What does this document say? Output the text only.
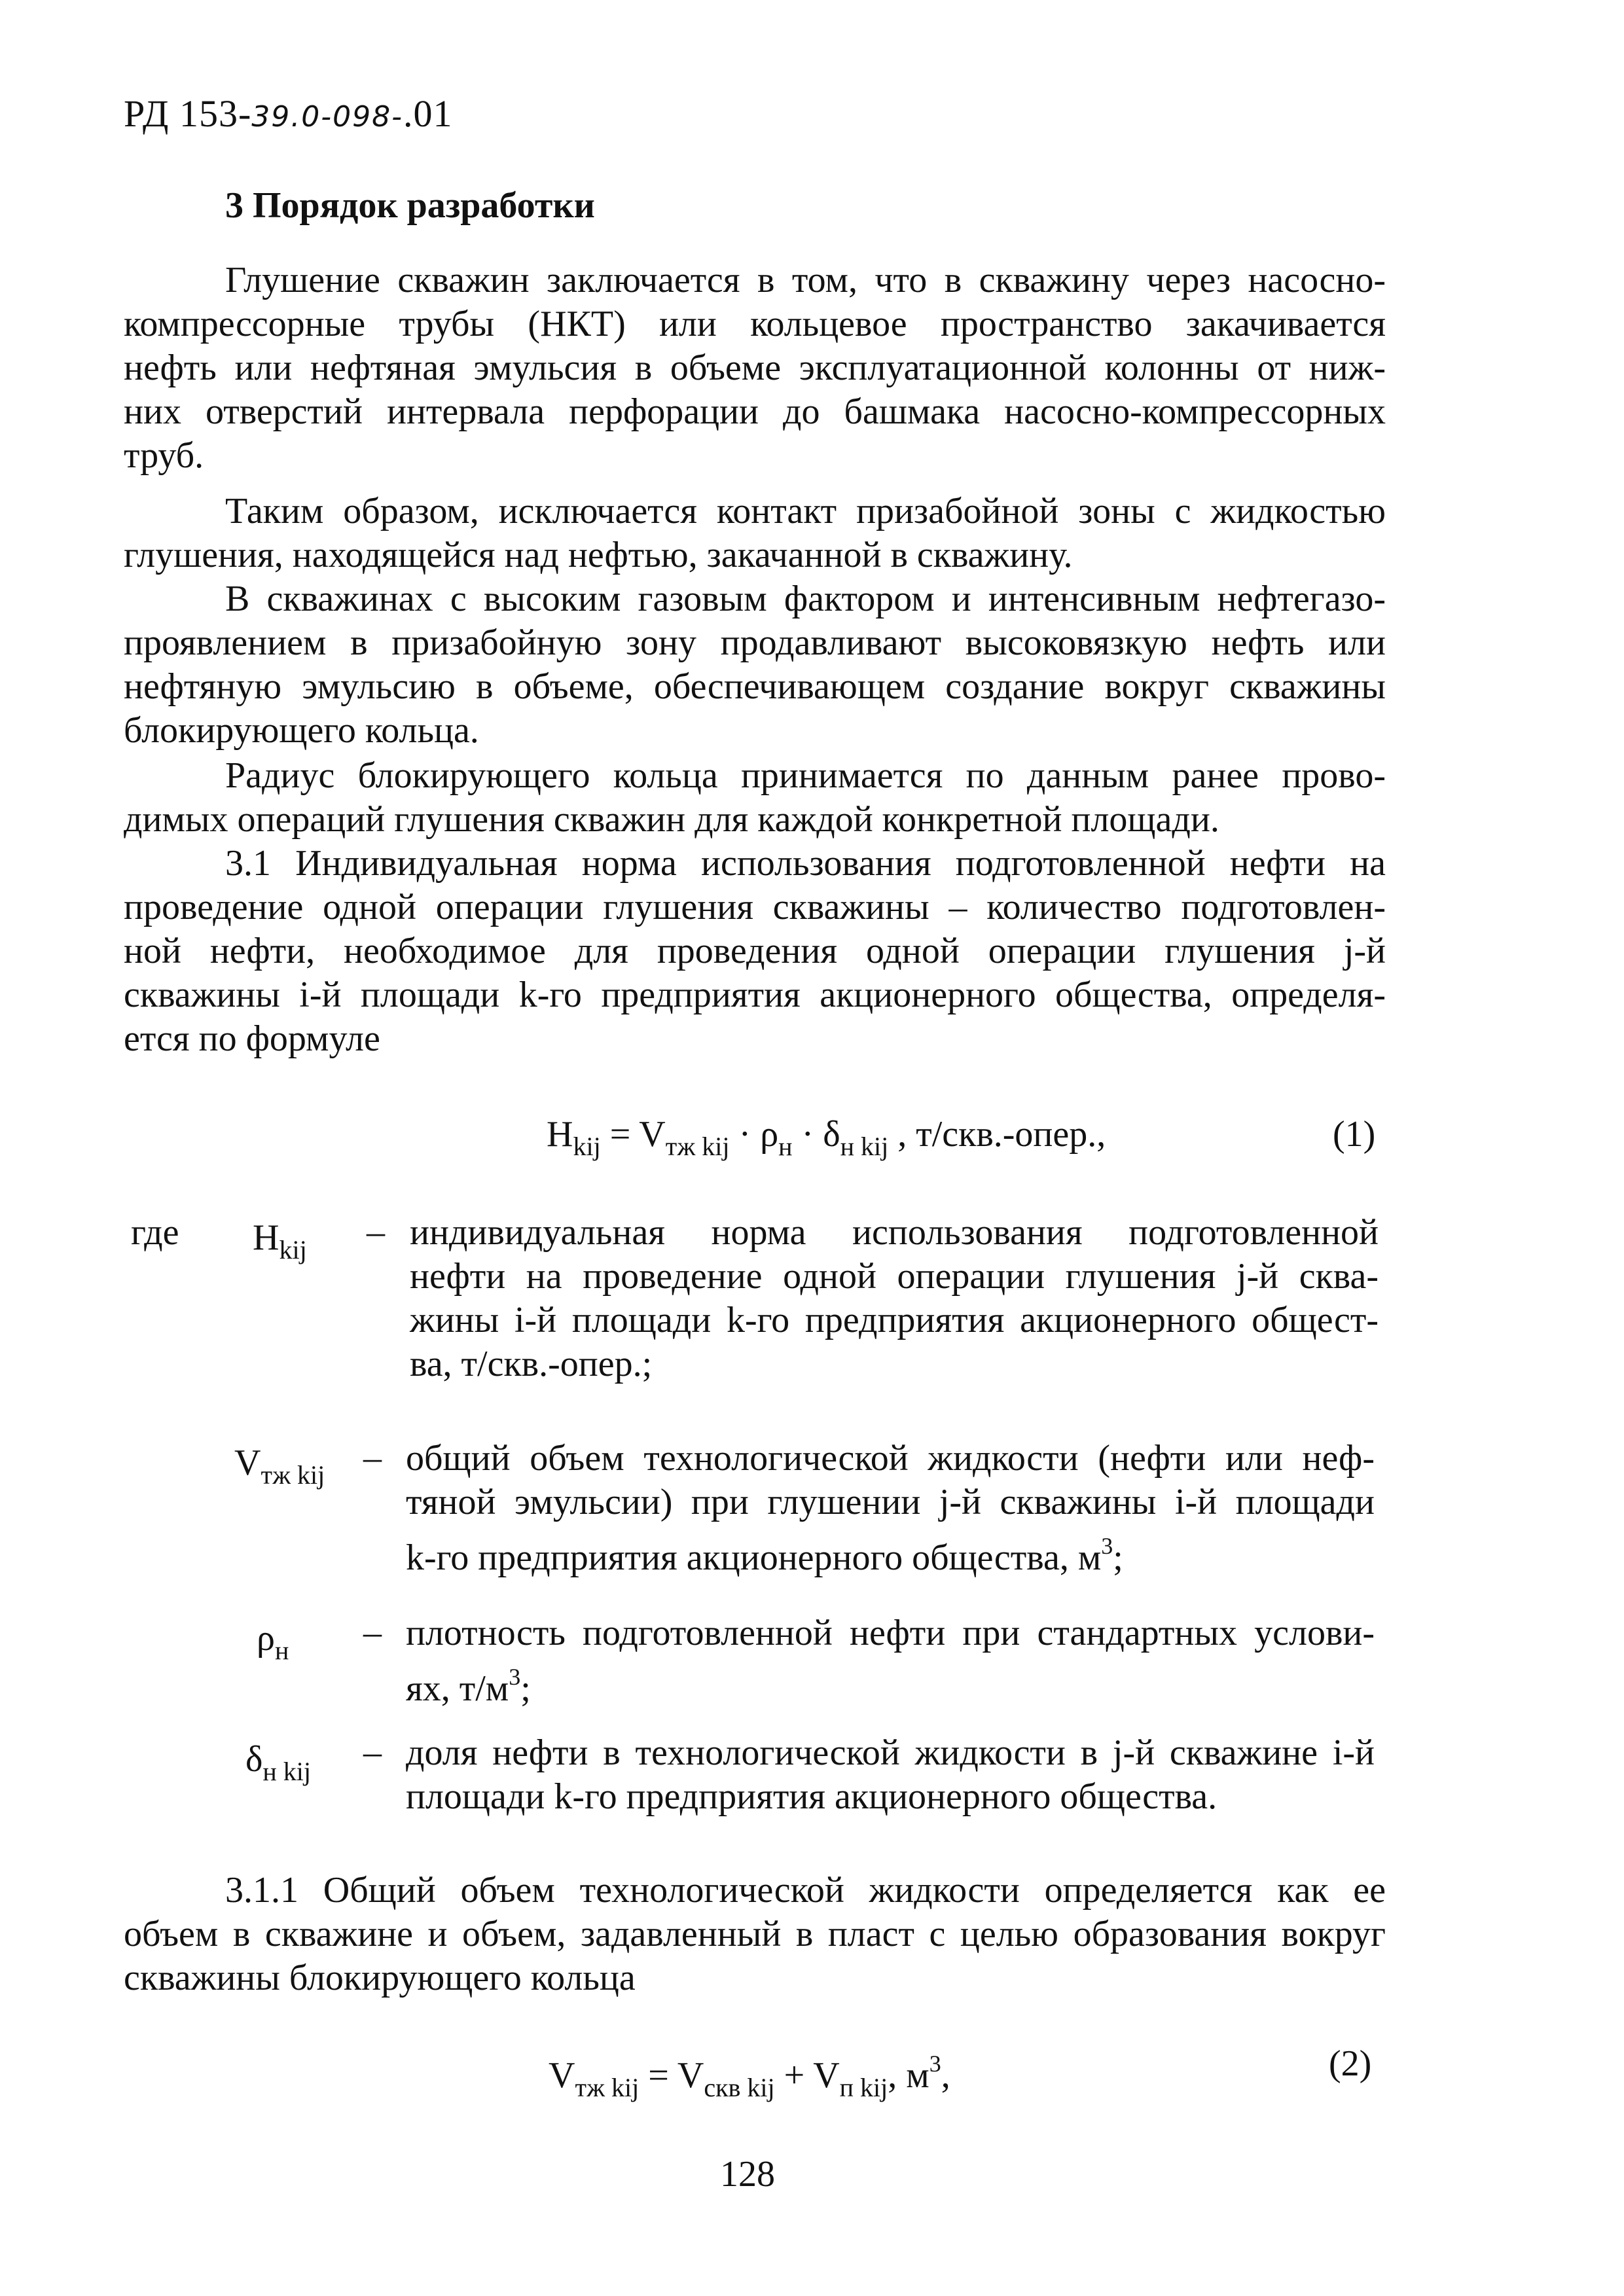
РД 153-39.0-098-.01
3 Порядок разработки
Глушение скважин заключается в том, что в скважину через насосно-
компрессорные трубы (НКТ) или кольцевое пространство закачивается
нефть или нефтяная эмульсия в объеме эксплуатационной колонны от ниж-
них отверстий интервала перфорации до башмака насосно-компрессорных
труб.
Таким образом, исключается контакт призабойной зоны с жидкостью
глушения, находящейся над нефтью, закачанной в скважину.
В скважинах с высоким газовым фактором и интенсивным нефтегазо-
проявлением в призабойную зону продавливают высоковязкую нефть или
нефтяную эмульсию в объеме, обеспечивающем создание вокруг скважины
блокирующего кольца.
Радиус блокирующего кольца принимается по данным ранее прово-
димых операций глушения скважин для каждой конкретной площади.
3.1 Индивидуальная норма использования подготовленной нефти на
проведение одной операции глушения скважины – количество подготовлен-
ной нефти, необходимое для проведения одной операции глушения j-й
скважины i-й площади k-го предприятия акционерного общества, определя-
ется по формуле
$Н_{kij} = V_{тж kij} \cdot \rho_н \cdot \delta_{н kij}$ , т/скв.-опер.,	(1)
где $Н_{kij}$ – индивидуальная норма использования подготовленной
нефти на проведение одной операции глушения j-й сква-
жины i-й площади k-го предприятия акционерного общест-
ва, т/скв.-опер.;
$V_{тж kij}$ – общий объем технологической жидкости (нефти или неф-
тяной эмульсии) при глушении j-й скважины i-й площади
k-го предприятия акционерного общества, $м^3$;
$\rho_н$ – плотность подготовленной нефти при стандартных услови-
ях, $т/м^3$;
$\delta_{н kij}$ – доля нефти в технологической жидкости в j-й скважине i-й
площади k-го предприятия акционерного общества.
3.1.1 Общий объем технологической жидкости определяется как ее
объем в скважине и объем, задавленный в пласт с целью образования вокруг
скважины блокирующего кольца
$V_{тж kij} = V_{скв kij} + V_{п kij}$, $м^3$,	(2)
128
